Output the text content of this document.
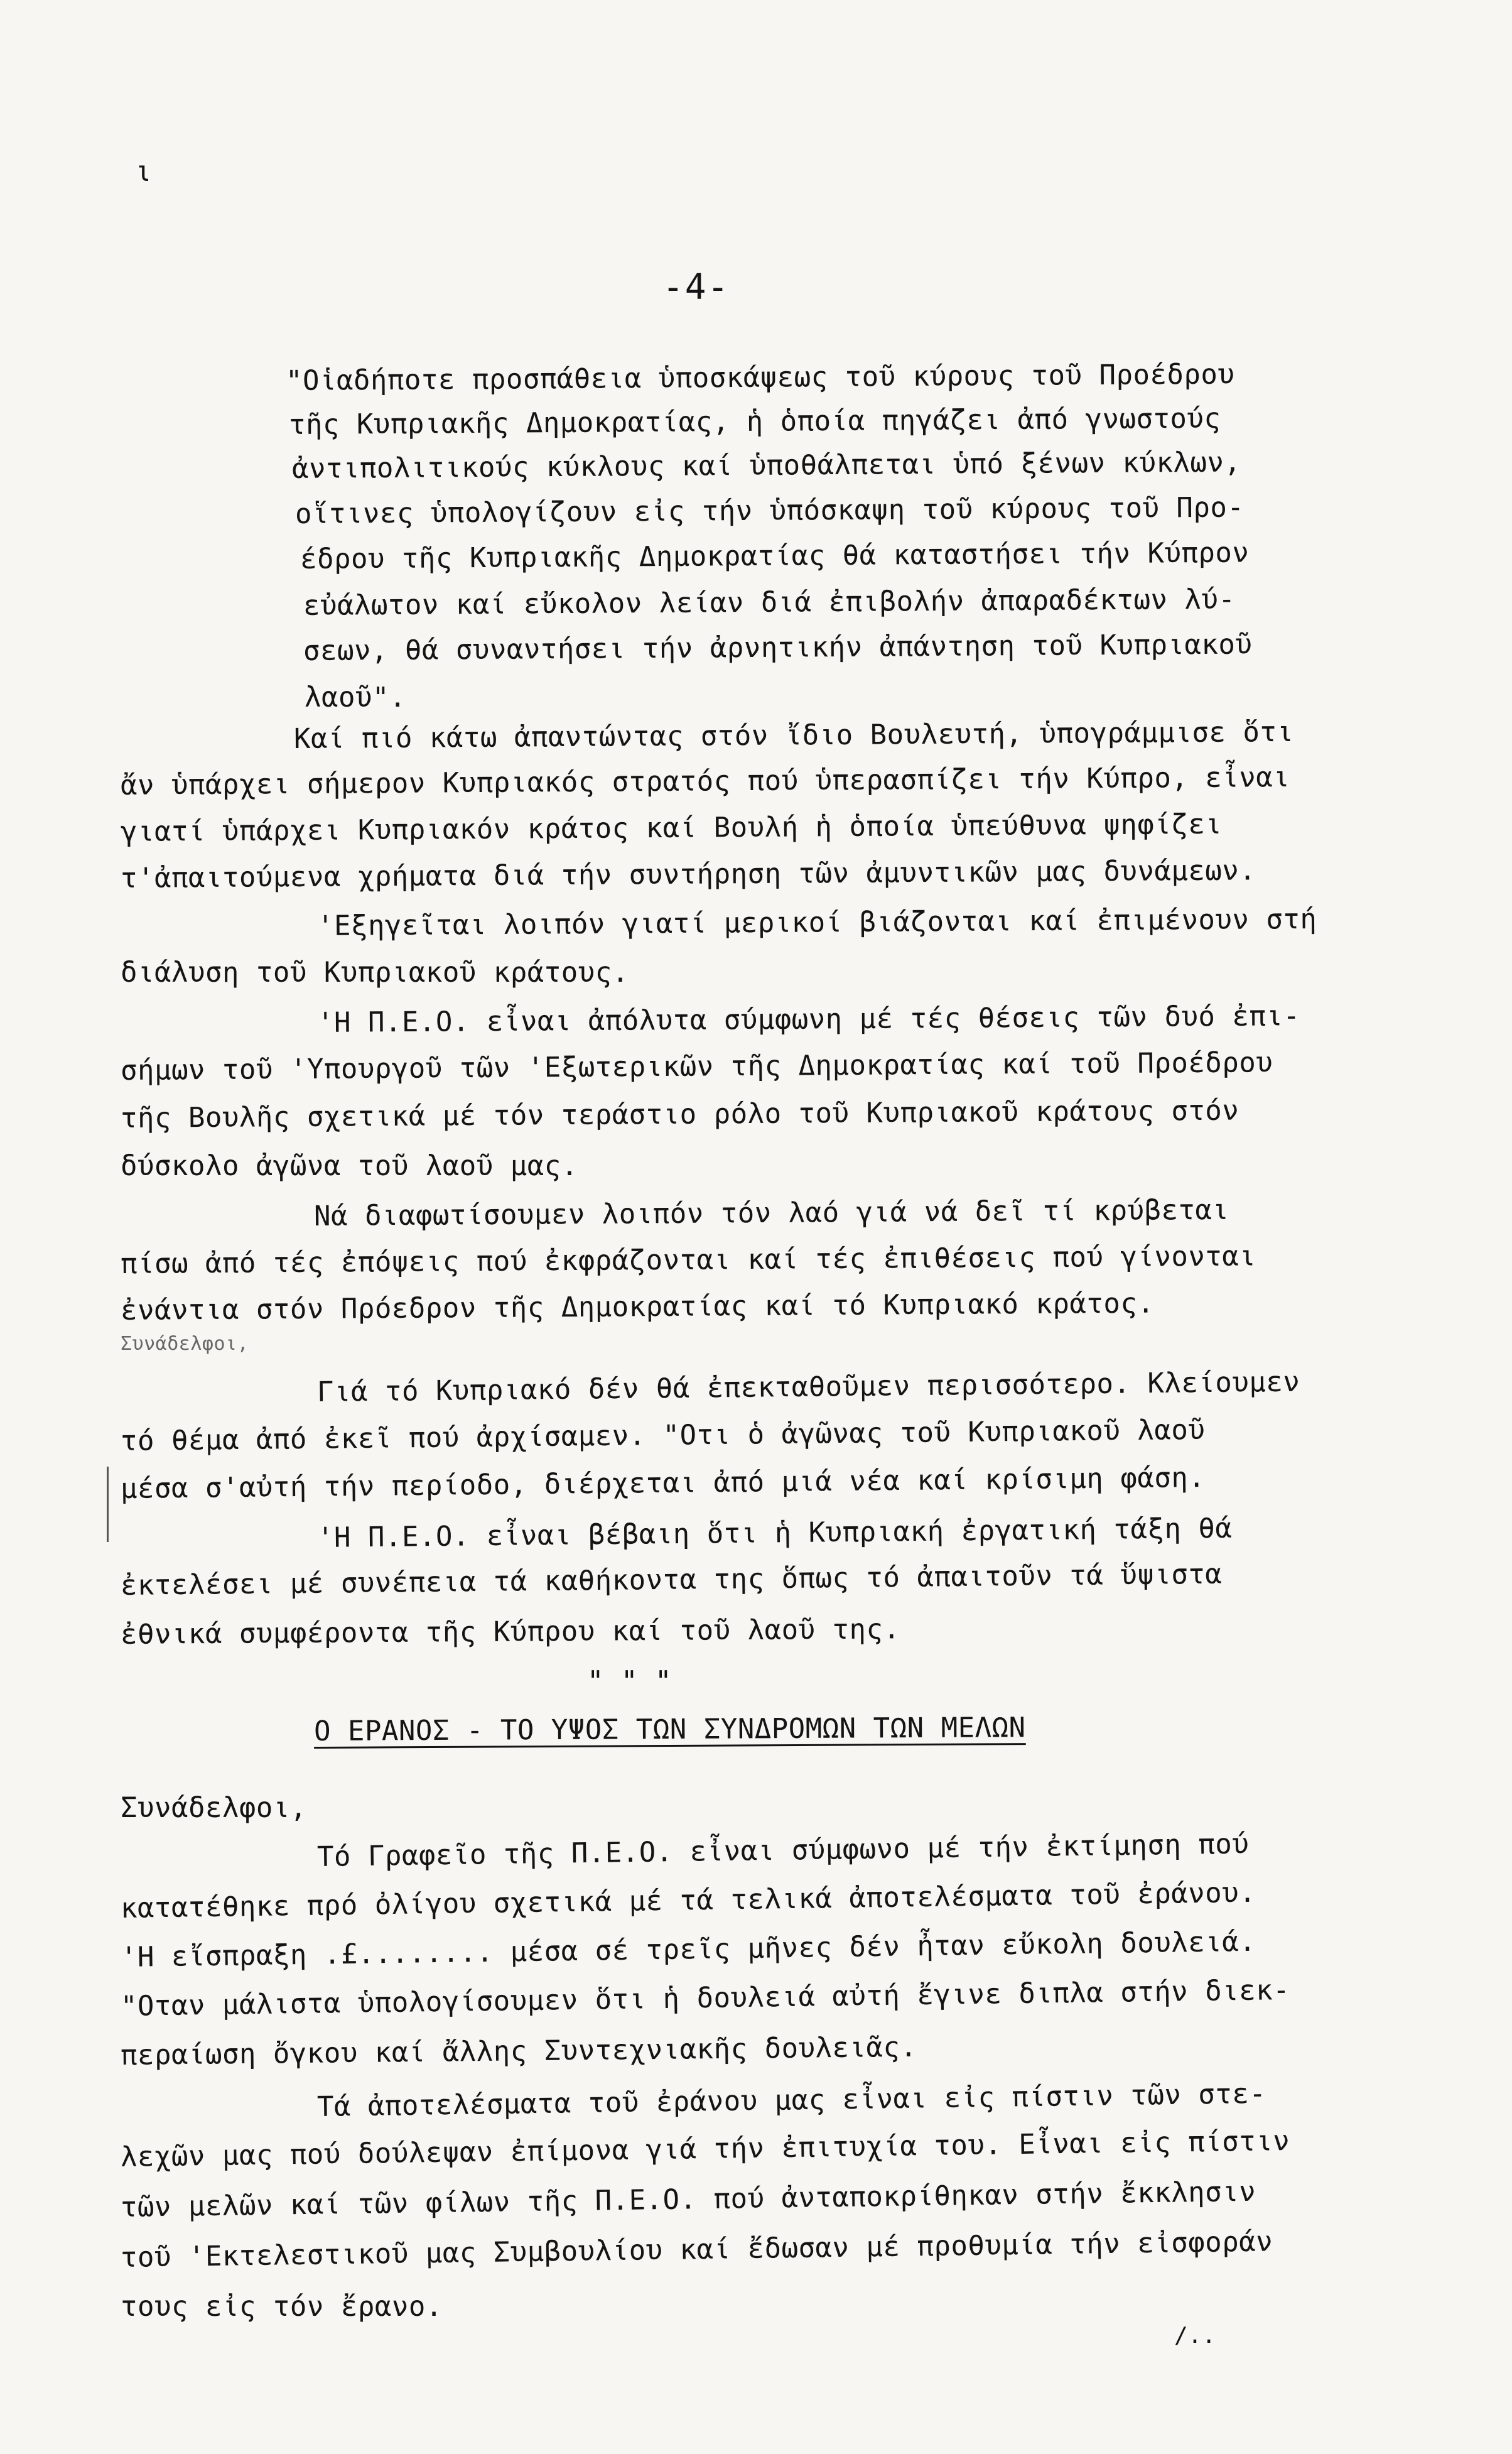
-4-
ι
"Οἱαδήποτε προσπάθεια ὑποσκάψεως τοῦ κύρους τοῦ Προέδρου
τῆς Κυπριακῆς Δημοκρατίας, ἡ ὁποία πηγάζει ἀπό γνωστούς
ἀντιπολιτικούς κύκλους καί ὑποθάλπεται ὑπό ξένων κύκλων,
οἵτινες ὑπολογίζουν εἰς τήν ὑπόσκαψη τοῦ κύρους τοῦ Προ-
έδρου τῆς Κυπριακῆς Δημοκρατίας θά καταστήσει τήν Κύπρον
εὐάλωτον καί εὔκολον λείαν διά ἐπιβολήν ἀπαραδέκτων λύ-
σεων, θά συναντήσει τήν ἀρνητικήν ἀπάντηση τοῦ Κυπριακοῦ
λαοῦ".
Καί πιό κάτω ἀπαντώντας στόν ἴδιο Βουλευτή, ὑπογράμμισε ὅτι
ἄν ὑπάρχει σήμερον Κυπριακός στρατός πού ὑπερασπίζει τήν Κύπρο, εἶναι
γιατί ὑπάρχει Κυπριακόν κράτος καί Βουλή ἡ ὁποία ὑπεύθυνα ψηφίζει
τ'ἀπαιτούμενα χρήματα διά τήν συντήρηση τῶν ἀμυντικῶν μας δυνάμεων.
'Εξηγεῖται λοιπόν γιατί μερικοί βιάζονται καί ἐπιμένουν στή
διάλυση τοῦ Κυπριακοῦ κράτους.
'Η Π.Ε.Ο. εἶναι ἀπόλυτα σύμφωνη μέ τές θέσεις τῶν δυό ἐπι-
σήμων τοῦ 'Υπουργοῦ τῶν 'Εξωτερικῶν τῆς Δημοκρατίας καί τοῦ Προέδρου
τῆς Βουλῆς σχετικά μέ τόν τεράστιο ρόλο τοῦ Κυπριακοῦ κράτους στόν
δύσκολο ἀγῶνα τοῦ λαοῦ μας.
Νά διαφωτίσουμεν λοιπόν τόν λαό γιά νά δεῖ τί κρύβεται
πίσω ἀπό τές ἐπόψεις πού ἐκφράζονται καί τές ἐπιθέσεις πού γίνονται
ἐνάντια στόν Πρόεδρον τῆς Δημοκρατίας καί τό Κυπριακό κράτος.
Συνάδελφοι,
Γιά τό Κυπριακό δέν θά ἐπεκταθοῦμεν περισσότερο. Κλείουμεν
τό θέμα ἀπό ἐκεῖ πού ἀρχίσαμεν. "Οτι ὁ ἀγῶνας τοῦ Κυπριακοῦ λαοῦ
μέσα σ'αὐτή τήν περίοδο, διέρχεται ἀπό μιά νέα καί κρίσιμη φάση.
'Η Π.Ε.Ο. εἶναι βέβαιη ὅτι ἡ Κυπριακή ἐργατική τάξη θά
ἐκτελέσει μέ συνέπεια τά καθήκοντα της ὅπως τό ἀπαιτοῦν τά ὕψιστα
ἐθνικά συμφέροντα τῆς Κύπρου καί τοῦ λαοῦ της.
" " "
Ο ΕΡΑΝΟΣ - ΤΟ ΥΨΟΣ ΤΩΝ ΣΥΝΔΡΟΜΩΝ ΤΩΝ ΜΕΛΩΝ
Συνάδελφοι,
Τό Γραφεῖο τῆς Π.Ε.Ο. εἶναι σύμφωνο μέ τήν ἐκτίμηση πού
κατατέθηκε πρό ὀλίγου σχετικά μέ τά τελικά ἀποτελέσματα τοῦ ἐράνου.
'Η εἴσπραξη .£........ μέσα σέ τρεῖς μῆνες δέν ἦταν εὔκολη δουλειά.
"Οταν μάλιστα ὑπολογίσουμεν ὅτι ἡ δουλειά αὐτή ἔγινε διπλα στήν διεκ-
περαίωση ὄγκου καί ἄλλης Συντεχνιακῆς δουλειᾶς.
Τά ἀποτελέσματα τοῦ ἐράνου μας εἶναι εἰς πίστιν τῶν στε-
λεχῶν μας πού δούλεψαν ἐπίμονα γιά τήν ἐπιτυχία του. Εἶναι εἰς πίστιν
τῶν μελῶν καί τῶν φίλων τῆς Π.Ε.Ο. πού ἀνταποκρίθηκαν στήν ἔκκλησιν
τοῦ 'Εκτελεστικοῦ μας Συμβουλίου καί ἔδωσαν μέ προθυμία τήν εἰσφοράν
τους εἰς τόν ἔρανο.
/..
